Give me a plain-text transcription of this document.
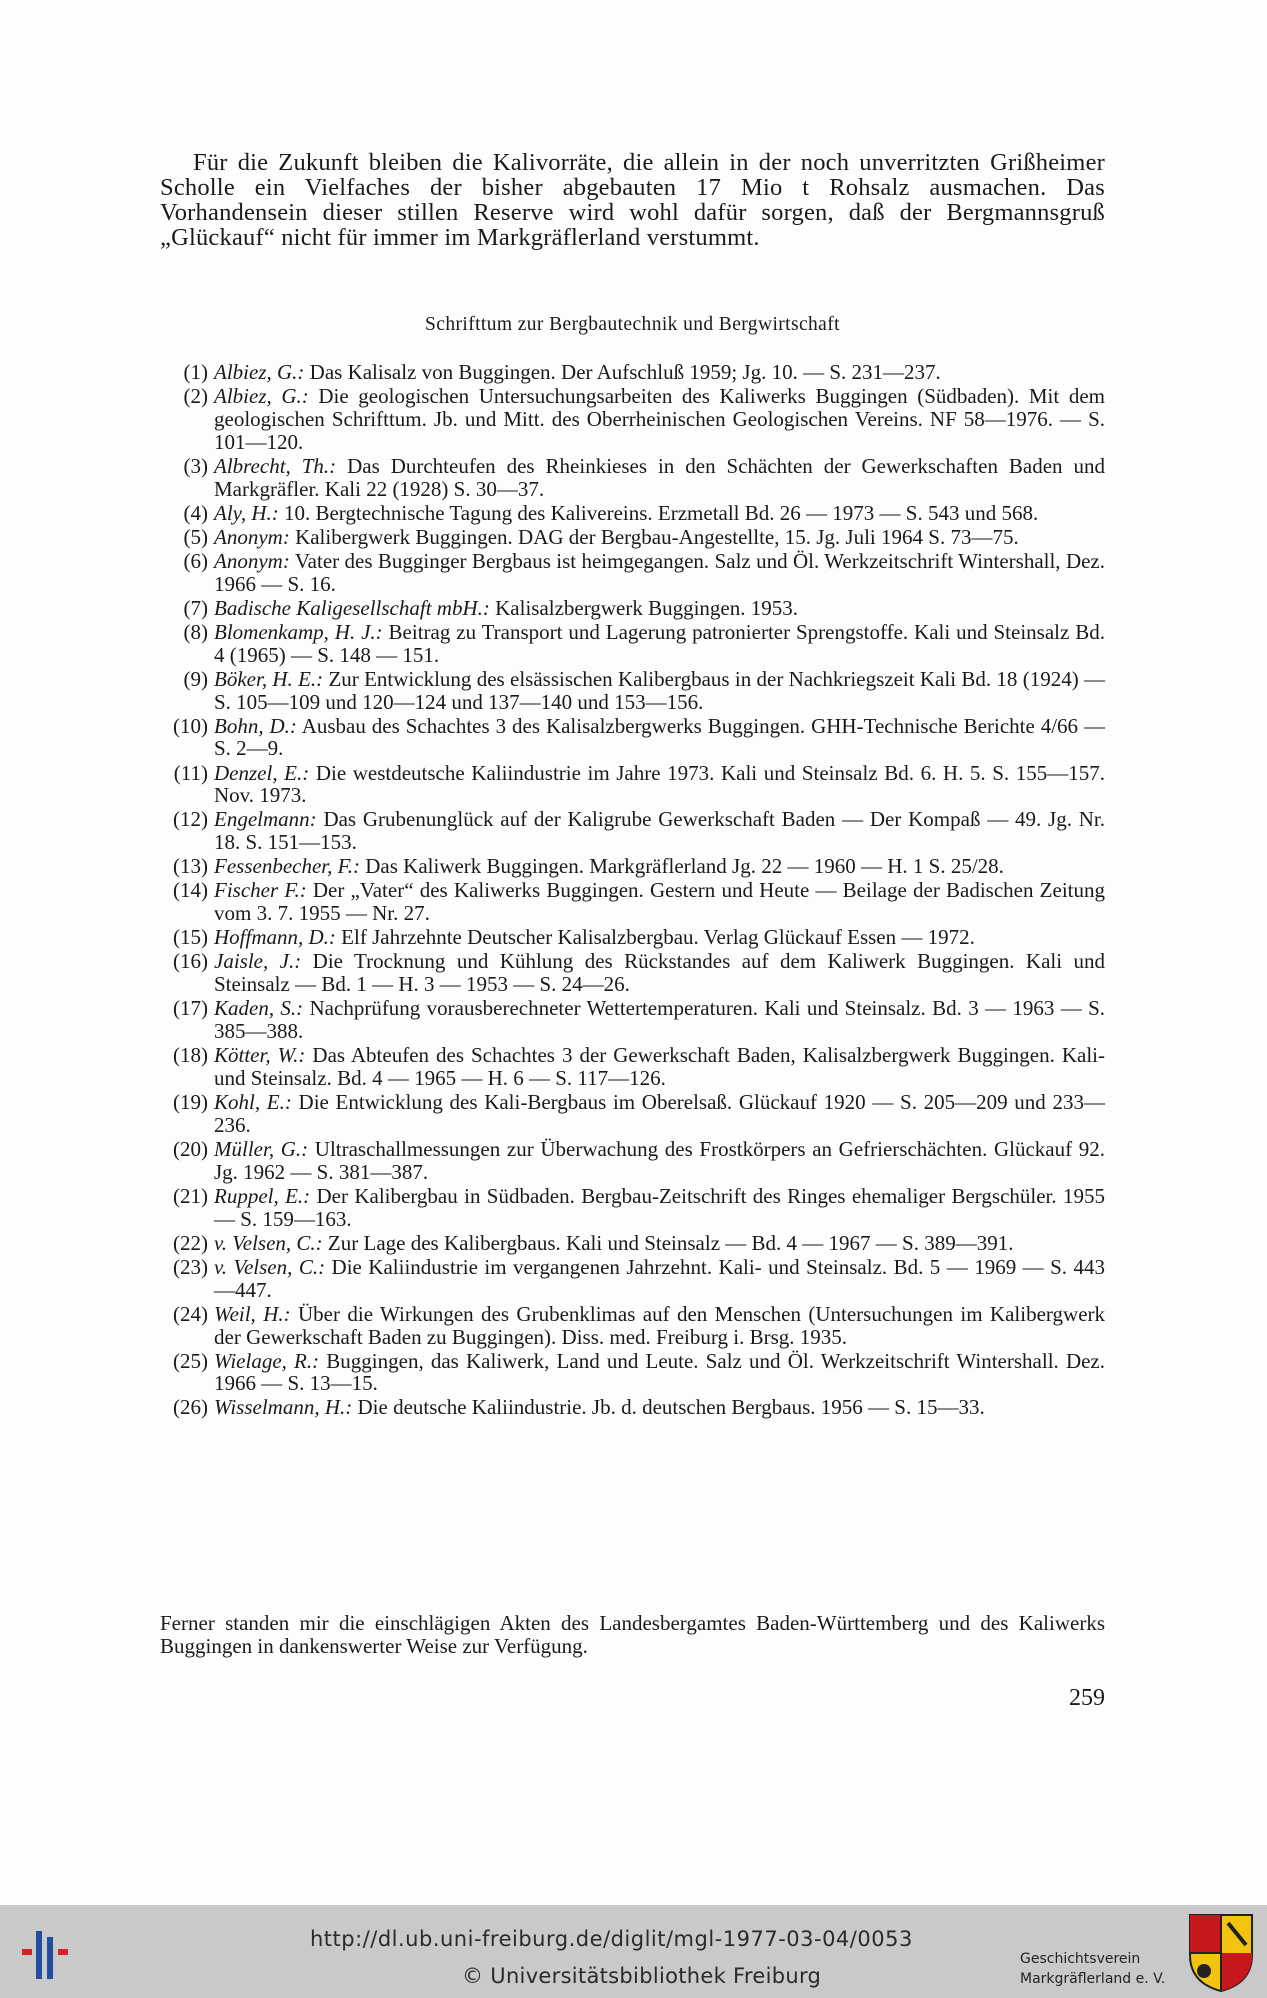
Für die Zukunft bleiben die Kalivorräte, die allein in der noch unverritzten Grißheimer Scholle ein Vielfaches der bisher abgebauten 17 Mio t Rohsalz ausmachen. Das Vorhandensein dieser stillen Reserve wird wohl dafür sorgen, daß der Bergmannsgruß „Glückauf“ nicht für immer im Markgräflerland verstummt.

Schrifttum zur Bergbautechnik und Bergwirtschaft
(1) Albiez, G.: Das Kalisalz von Buggingen. Der Aufschluß 1959; Jg. 10. — S. 231—237.
(2) Albiez, G.: Die geologischen Untersuchungsarbeiten des Kaliwerks Buggingen (Südbaden). Mit dem geologischen Schrifttum. Jb. und Mitt. des Oberrheinischen Geologischen Vereins. NF 58—1976. — S. 101—120.
(3) Albrecht, Th.: Das Durchteufen des Rheinkieses in den Schächten der Gewerkschaften Baden und Markgräfler. Kali 22 (1928) S. 30—37.
(4) Aly, H.: 10. Bergtechnische Tagung des Kalivereins. Erzmetall Bd. 26 — 1973 — S. 543 und 568.
(5) Anonym: Kalibergwerk Buggingen. DAG der Bergbau-Angestellte, 15. Jg. Juli 1964 S. 73—75.
(6) Anonym: Vater des Bugginger Bergbaus ist heimgegangen. Salz und Öl. Werkzeitschrift Wintershall, Dez. 1966 — S. 16.
(7) Badische Kaligesellschaft mbH.: Kalisalzbergwerk Buggingen. 1953.
(8) Blomenkamp, H. J.: Beitrag zu Transport und Lagerung patronierter Sprengstoffe. Kali und Steinsalz Bd. 4 (1965) — S. 148 — 151.
(9) Böker, H. E.: Zur Entwicklung des elsässischen Kalibergbaus in der Nachkriegszeit Kali Bd. 18 (1924) — S. 105—109 und 120—124 und 137—140 und 153—156.
(10) Bohn, D.: Ausbau des Schachtes 3 des Kalisalzbergwerks Buggingen. GHH-Technische Berichte 4/66 — S. 2—9.
(11) Denzel, E.: Die westdeutsche Kaliindustrie im Jahre 1973. Kali und Steinsalz Bd. 6. H. 5. S. 155—157. Nov. 1973.
(12) Engelmann: Das Grubenunglück auf der Kaligrube Gewerkschaft Baden — Der Kompaß — 49. Jg. Nr. 18. S. 151—153.
(13) Fessenbecher, F.: Das Kaliwerk Buggingen. Markgräflerland Jg. 22 — 1960 — H. 1 S. 25/28.
(14) Fischer F.: Der „Vater“ des Kaliwerks Buggingen. Gestern und Heute — Beilage der Badischen Zeitung vom 3. 7. 1955 — Nr. 27.
(15) Hoffmann, D.: Elf Jahrzehnte Deutscher Kalisalzbergbau. Verlag Glückauf Essen — 1972.
(16) Jaisle, J.: Die Trocknung und Kühlung des Rückstandes auf dem Kaliwerk Buggingen. Kali und Steinsalz — Bd. 1 — H. 3 — 1953 — S. 24—26.
(17) Kaden, S.: Nachprüfung vorausberechneter Wettertemperaturen. Kali und Steinsalz. Bd. 3 — 1963 — S. 385—388.
(18) Kötter, W.: Das Abteufen des Schachtes 3 der Gewerkschaft Baden, Kalisalzbergwerk Buggingen. Kali- und Steinsalz. Bd. 4 — 1965 — H. 6 — S. 117—126.
(19) Kohl, E.: Die Entwicklung des Kali-Bergbaus im Oberelsaß. Glückauf 1920 — S. 205—209 und 233—236.
(20) Müller, G.: Ultraschallmessungen zur Überwachung des Frostkörpers an Gefrierschächten. Glückauf 92. Jg. 1962 — S. 381—387.
(21) Ruppel, E.: Der Kalibergbau in Südbaden. Bergbau-Zeitschrift des Ringes ehemaliger Bergschüler. 1955 — S. 159—163.
(22) v. Velsen, C.: Zur Lage des Kalibergbaus. Kali und Steinsalz — Bd. 4 — 1967 — S. 389—391.
(23) v. Velsen, C.: Die Kaliindustrie im vergangenen Jahrzehnt. Kali- und Steinsalz. Bd. 5 — 1969 — S. 443—447.
(24) Weil, H.: Über die Wirkungen des Grubenklimas auf den Menschen (Untersuchungen im Kalibergwerk der Gewerkschaft Baden zu Buggingen). Diss. med. Freiburg i. Brsg. 1935.
(25) Wielage, R.: Buggingen, das Kaliwerk, Land und Leute. Salz und Öl. Werkzeitschrift Wintershall. Dez. 1966 — S. 13—15.
(26) Wisselmann, H.: Die deutsche Kaliindustrie. Jb. d. deutschen Bergbaus. 1956 — S. 15—33.

Ferner standen mir die einschlägigen Akten des Landesbergamtes Baden-Württemberg und des Kaliwerks Buggingen in dankenswerter Weise zur Verfügung.

259
http://dl.ub.uni-freiburg.de/diglit/mgl-1977-03-04/0053
© Universitätsbibliothek Freiburg
Geschichtsverein
Markgräflerland e. V.
